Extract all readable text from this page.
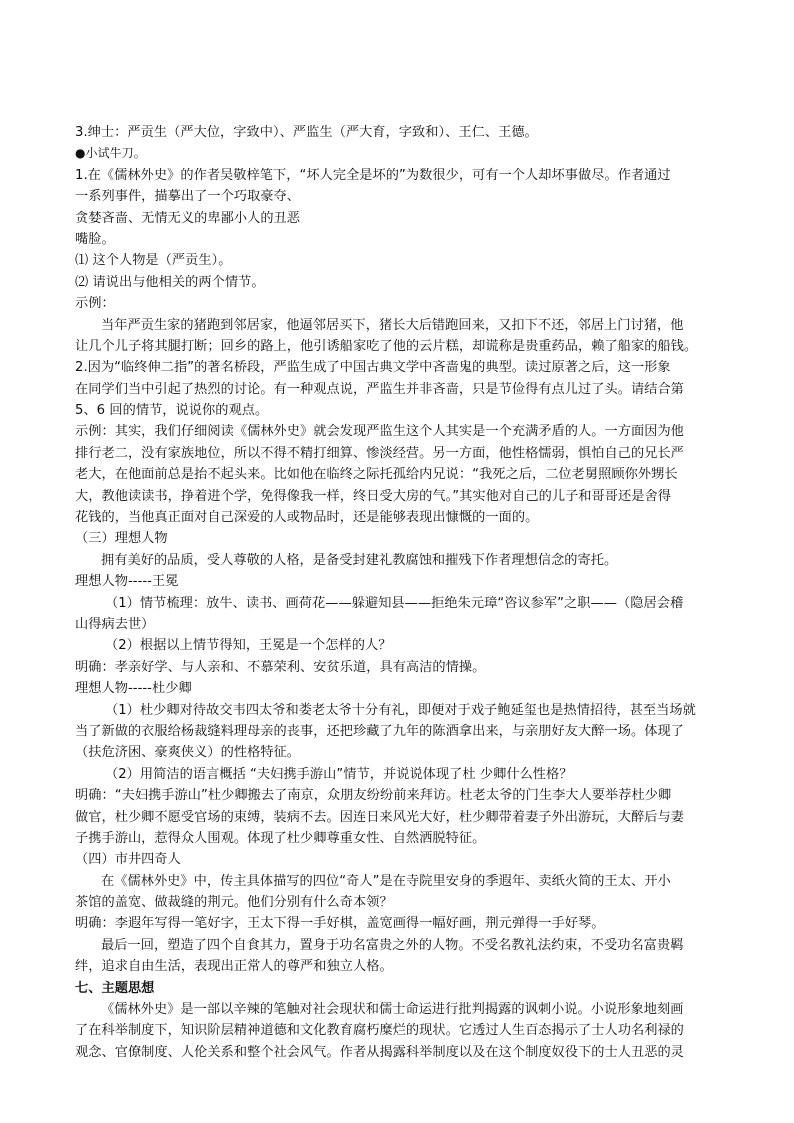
3.绅士：严贡生（严大位，字致中）、严监生（严大育，字致和）、王仁、王德。
●小试牛刀。
1.在《儒林外史》的作者吴敬梓笔下，“坏人完全是坏的”为数很少，可有一个人却坏事做尽。作者通过
一系列事件，描摹出了一个巧取豪夺、
贪婪吝啬、无情无义的卑鄙小人的丑恶
嘴脸。
⑴ 这个人物是（严贡生）。
⑵ 请说出与他相关的两个情节。
示例：
当年严贡生家的猪跑到邻居家，他逼邻居买下，猪长大后错跑回来，又扣下不还，邻居上门讨猪，他
让几个儿子将其腿打断；回乡的路上，他引诱船家吃了他的云片糕，却谎称是贵重药品，赖了船家的船钱。
2.因为“临终伸二指”的著名桥段，严监生成了中国古典文学中吝啬鬼的典型。读过原著之后，这一形象
在同学们当中引起了热烈的讨论。有一种观点说，严监生并非吝啬，只是节俭得有点儿过了头。请结合第
5、6 回的情节，说说你的观点。
示例：其实，我们仔细阅读《儒林外史》就会发现严监生这个人其实是一个充满矛盾的人。一方面因为他
排行老二，没有家族地位，所以不得不精打细算、惨淡经营。另一方面，他性格懦弱，惧怕自己的兄长严
老大，在他面前总是抬不起头来。比如他在临终之际托孤给内兄说：“我死之后，二位老舅照顾你外甥长
大，教他读读书，挣着进个学，免得像我一样，终日受大房的气。”其实他对自己的儿子和哥哥还是舍得
花钱的，当他真正面对自己深爱的人或物品时，还是能够表现出慷慨的一面的。
（三）理想人物
拥有美好的品质，受人尊敬的人格，是备受封建礼教腐蚀和摧残下作者理想信念的寄托。
理想人物-----王冕
（1）情节梳理：放牛、读书、画荷花——躲避知县——拒绝朱元璋“咨议参军”之职——（隐居会稽
山得病去世）
（2）根据以上情节得知，王冕是一个怎样的人？
明确：孝亲好学、与人亲和、不慕荣利、安贫乐道，具有高洁的情操。
理想人物-----杜少卿
（1）杜少卿对待故交韦四太爷和娄老太爷十分有礼，即便对于戏子鲍延玺也是热情招待，甚至当场就
当了新做的衣服给杨裁缝料理母亲的丧事，还把珍藏了九年的陈酒拿出来，与亲朋好友大醉一场。体现了
（扶危济困、豪爽侠义）的性格特征。
（2）用简洁的语言概括 “夫妇携手游山”情节，并说说体现了杜 少卿什么性格？
明确：“夫妇携手游山”杜少卿搬去了南京，众朋友纷纷前来拜访。杜老太爷的门生李大人要举荐杜少卿
做官，杜少卿不愿受官场的束缚，装病不去。因连日来风光大好，杜少卿带着妻子外出游玩，大醉后与妻
子携手游山，惹得众人围观。体现了杜少卿尊重女性、自然洒脱特征。
（四）市井四奇人
在《儒林外史》中，传主具体描写的四位“奇人”是在寺院里安身的季遐年、卖纸火简的王太、开小
茶馆的盖宽、做裁缝的荆元。他们分别有什么奇本领？
明确：李遐年写得一笔好字，王太下得一手好棋，盖宽画得一幅好画，荆元弹得一手好琴。
最后一回，塑造了四个自食其力，置身于功名富贵之外的人物。不受名教礼法约束，不受功名富贵羁
绊，追求自由生活，表现出正常人的尊严和独立人格。
七、主题思想
《儒林外史》是一部以辛辣的笔触对社会现状和儒士命运进行批判揭露的讽刺小说。小说形象地刻画
了在科举制度下，知识阶层精神道德和文化教育腐朽糜烂的现状。它透过人生百态揭示了士人功名利禄的
观念、官僚制度、人伦关系和整个社会风气。作者从揭露科举制度以及在这个制度奴役下的士人丑恶的灵
